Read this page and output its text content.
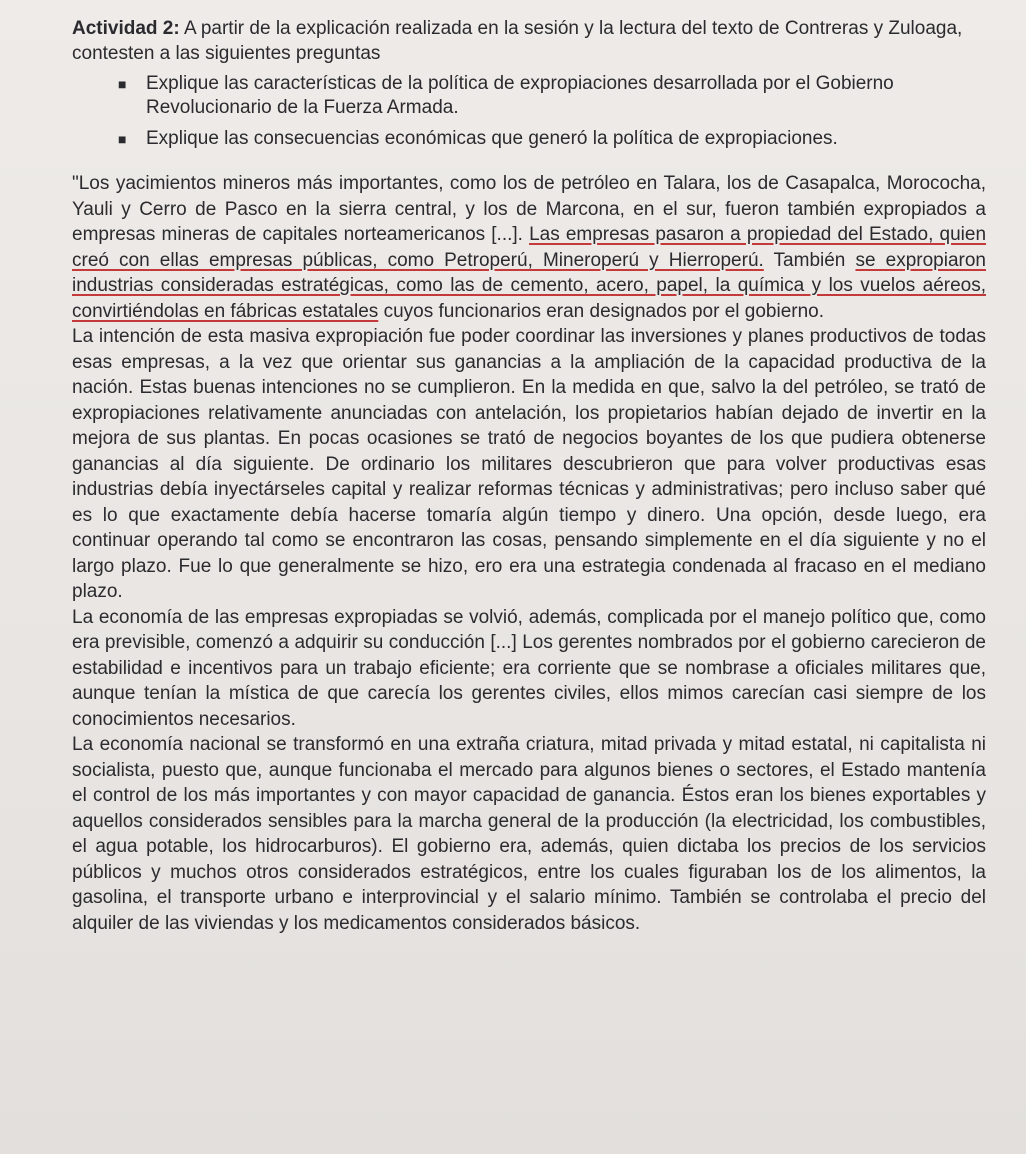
Actividad 2: A partir de la explicación realizada en la sesión y la lectura del texto de Contreras y Zuloaga, contesten a las siguientes preguntas
■ Explique las características de la política de expropiaciones desarrollada por el Gobierno Revolucionario de la Fuerza Armada.
■ Explique las consecuencias económicas que generó la política de expropiaciones.

"Los yacimientos mineros más importantes, como los de petróleo en Talara, los de Casapalca, Morococha, Yauli y Cerro de Pasco en la sierra central, y los de Marcona, en el sur, fueron también expropiados a empresas mineras de capitales norteamericanos [...]. Las empresas pasaron a propiedad del Estado, quien creó con ellas empresas públicas, como Petroperú, Mineroperú y Hierroperú. También se expropiaron industrias consideradas estratégicas, como las de cemento, acero, papel, la química y los vuelos aéreos, convirtiéndolas en fábricas estatales cuyos funcionarios eran designados por el gobierno.

La intención de esta masiva expropiación fue poder coordinar las inversiones y planes productivos de todas esas empresas, a la vez que orientar sus ganancias a la ampliación de la capacidad productiva de la nación. Estas buenas intenciones no se cumplieron. En la medida en que, salvo la del petróleo, se trató de expropiaciones relativamente anunciadas con antelación, los propietarios habían dejado de invertir en la mejora de sus plantas. En pocas ocasiones se trató de negocios boyantes de los que pudiera obtenerse ganancias al día siguiente. De ordinario los militares descubrieron que para volver productivas esas industrias debía inyectárseles capital y realizar reformas técnicas y administrativas; pero incluso saber qué es lo que exactamente debía hacerse tomaría algún tiempo y dinero. Una opción, desde luego, era continuar operando tal como se encontraron las cosas, pensando simplemente en el día siguiente y no el largo plazo. Fue lo que generalmente se hizo, ero era una estrategia condenada al fracaso en el mediano plazo.

La economía de las empresas expropiadas se volvió, además, complicada por el manejo político que, como era previsible, comenzó a adquirir su conducción [...] Los gerentes nombrados por el gobierno carecieron de estabilidad e incentivos para un trabajo eficiente; era corriente que se nombrase a oficiales militares que, aunque tenían la mística de que carecía los gerentes civiles, ellos mimos carecían casi siempre de los conocimientos necesarios.

La economía nacional se transformó en una extraña criatura, mitad privada y mitad estatal, ni capitalista ni socialista, puesto que, aunque funcionaba el mercado para algunos bienes o sectores, el Estado mantenía el control de los más importantes y con mayor capacidad de ganancia. Éstos eran los bienes exportables y aquellos considerados sensibles para la marcha general de la producción (la electricidad, los combustibles, el agua potable, los hidrocarburos). El gobierno era, además, quien dictaba los precios de los servicios públicos y muchos otros considerados estratégicos, entre los cuales figuraban los de los alimentos, la gasolina, el transporte urbano e interprovincial y el salario mínimo. También se controlaba el precio del alquiler de las viviendas y los medicamentos considerados básicos.
